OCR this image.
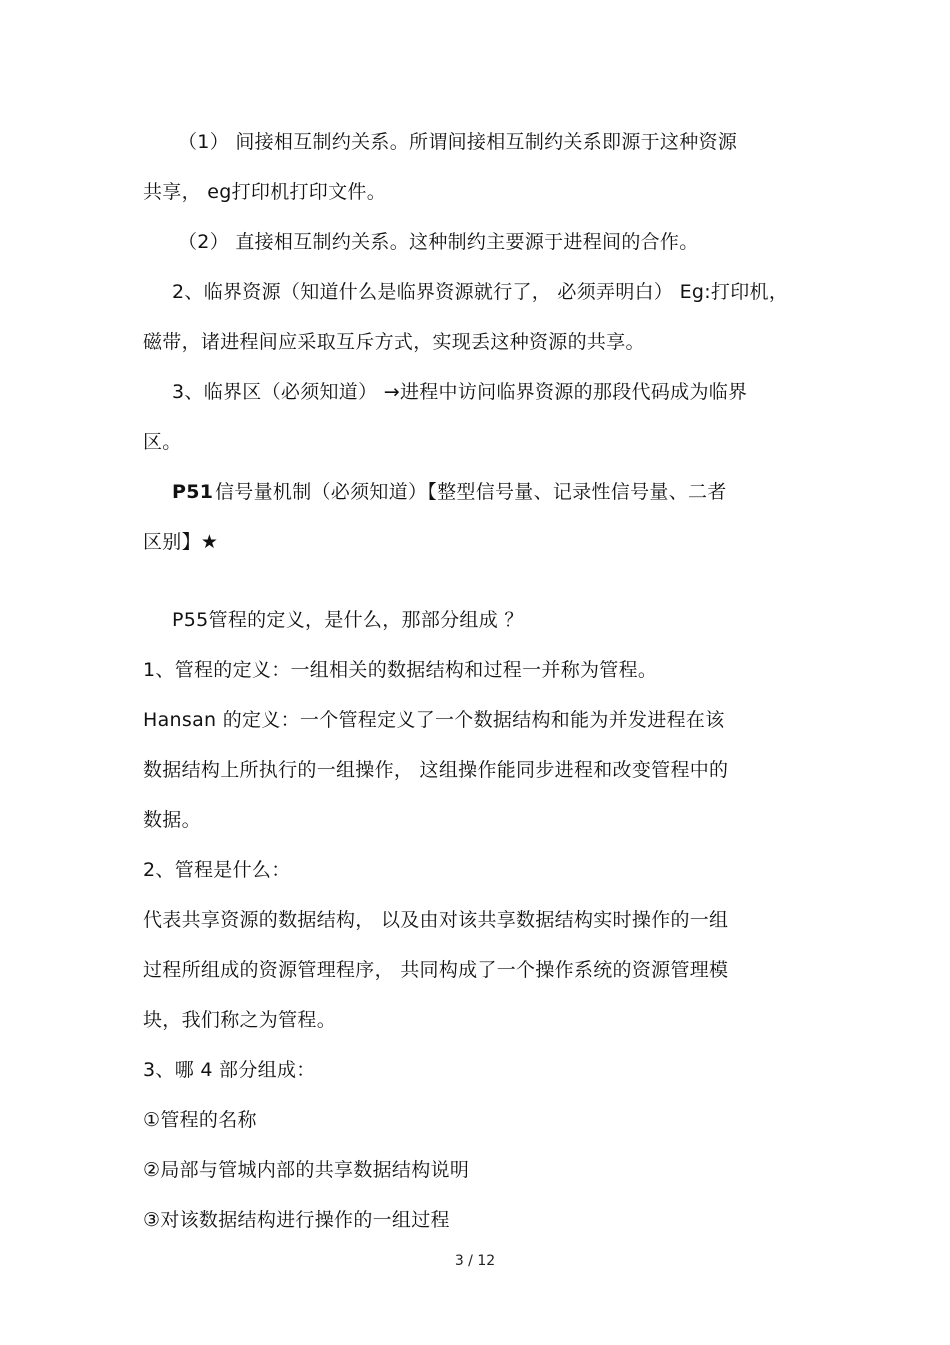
（1） 间接相互制约关系。所谓间接相互制约关系即源于这种资源
共享， eg打印机打印文件。
（2） 直接相互制约关系。这种制约主要源于进程间的合作。
2、临界资源（知道什么是临界资源就行了， 必须弄明白） Eg:打印机，
磁带，诸进程间应采取互斥方式，实现丢这种资源的共享。
3、临界区（必须知道） →进程中访问临界资源的那段代码成为临界
区。
P51 信号量机制（必须知道）【整型信号量、记录性信号量、二者
区别】★
P55管程的定义，是什么，那部分组成 ？
1、管程的定义：一组相关的数据结构和过程一并称为管程。
Hansan 的定义：一个管程定义了一个数据结构和能为并发进程在该
数据结构上所执行的一组操作， 这组操作能同步进程和改变管程中的
数据。
2、管程是什么：
代表共享资源的数据结构， 以及由对该共享数据结构实时操作的一组
过程所组成的资源管理程序， 共同构成了一个操作系统的资源管理模
块，我们称之为管程。
3、哪 4 部分组成：
①管程的名称
②局部与管城内部的共享数据结构说明
③对该数据结构进行操作的一组过程
3 / 12
